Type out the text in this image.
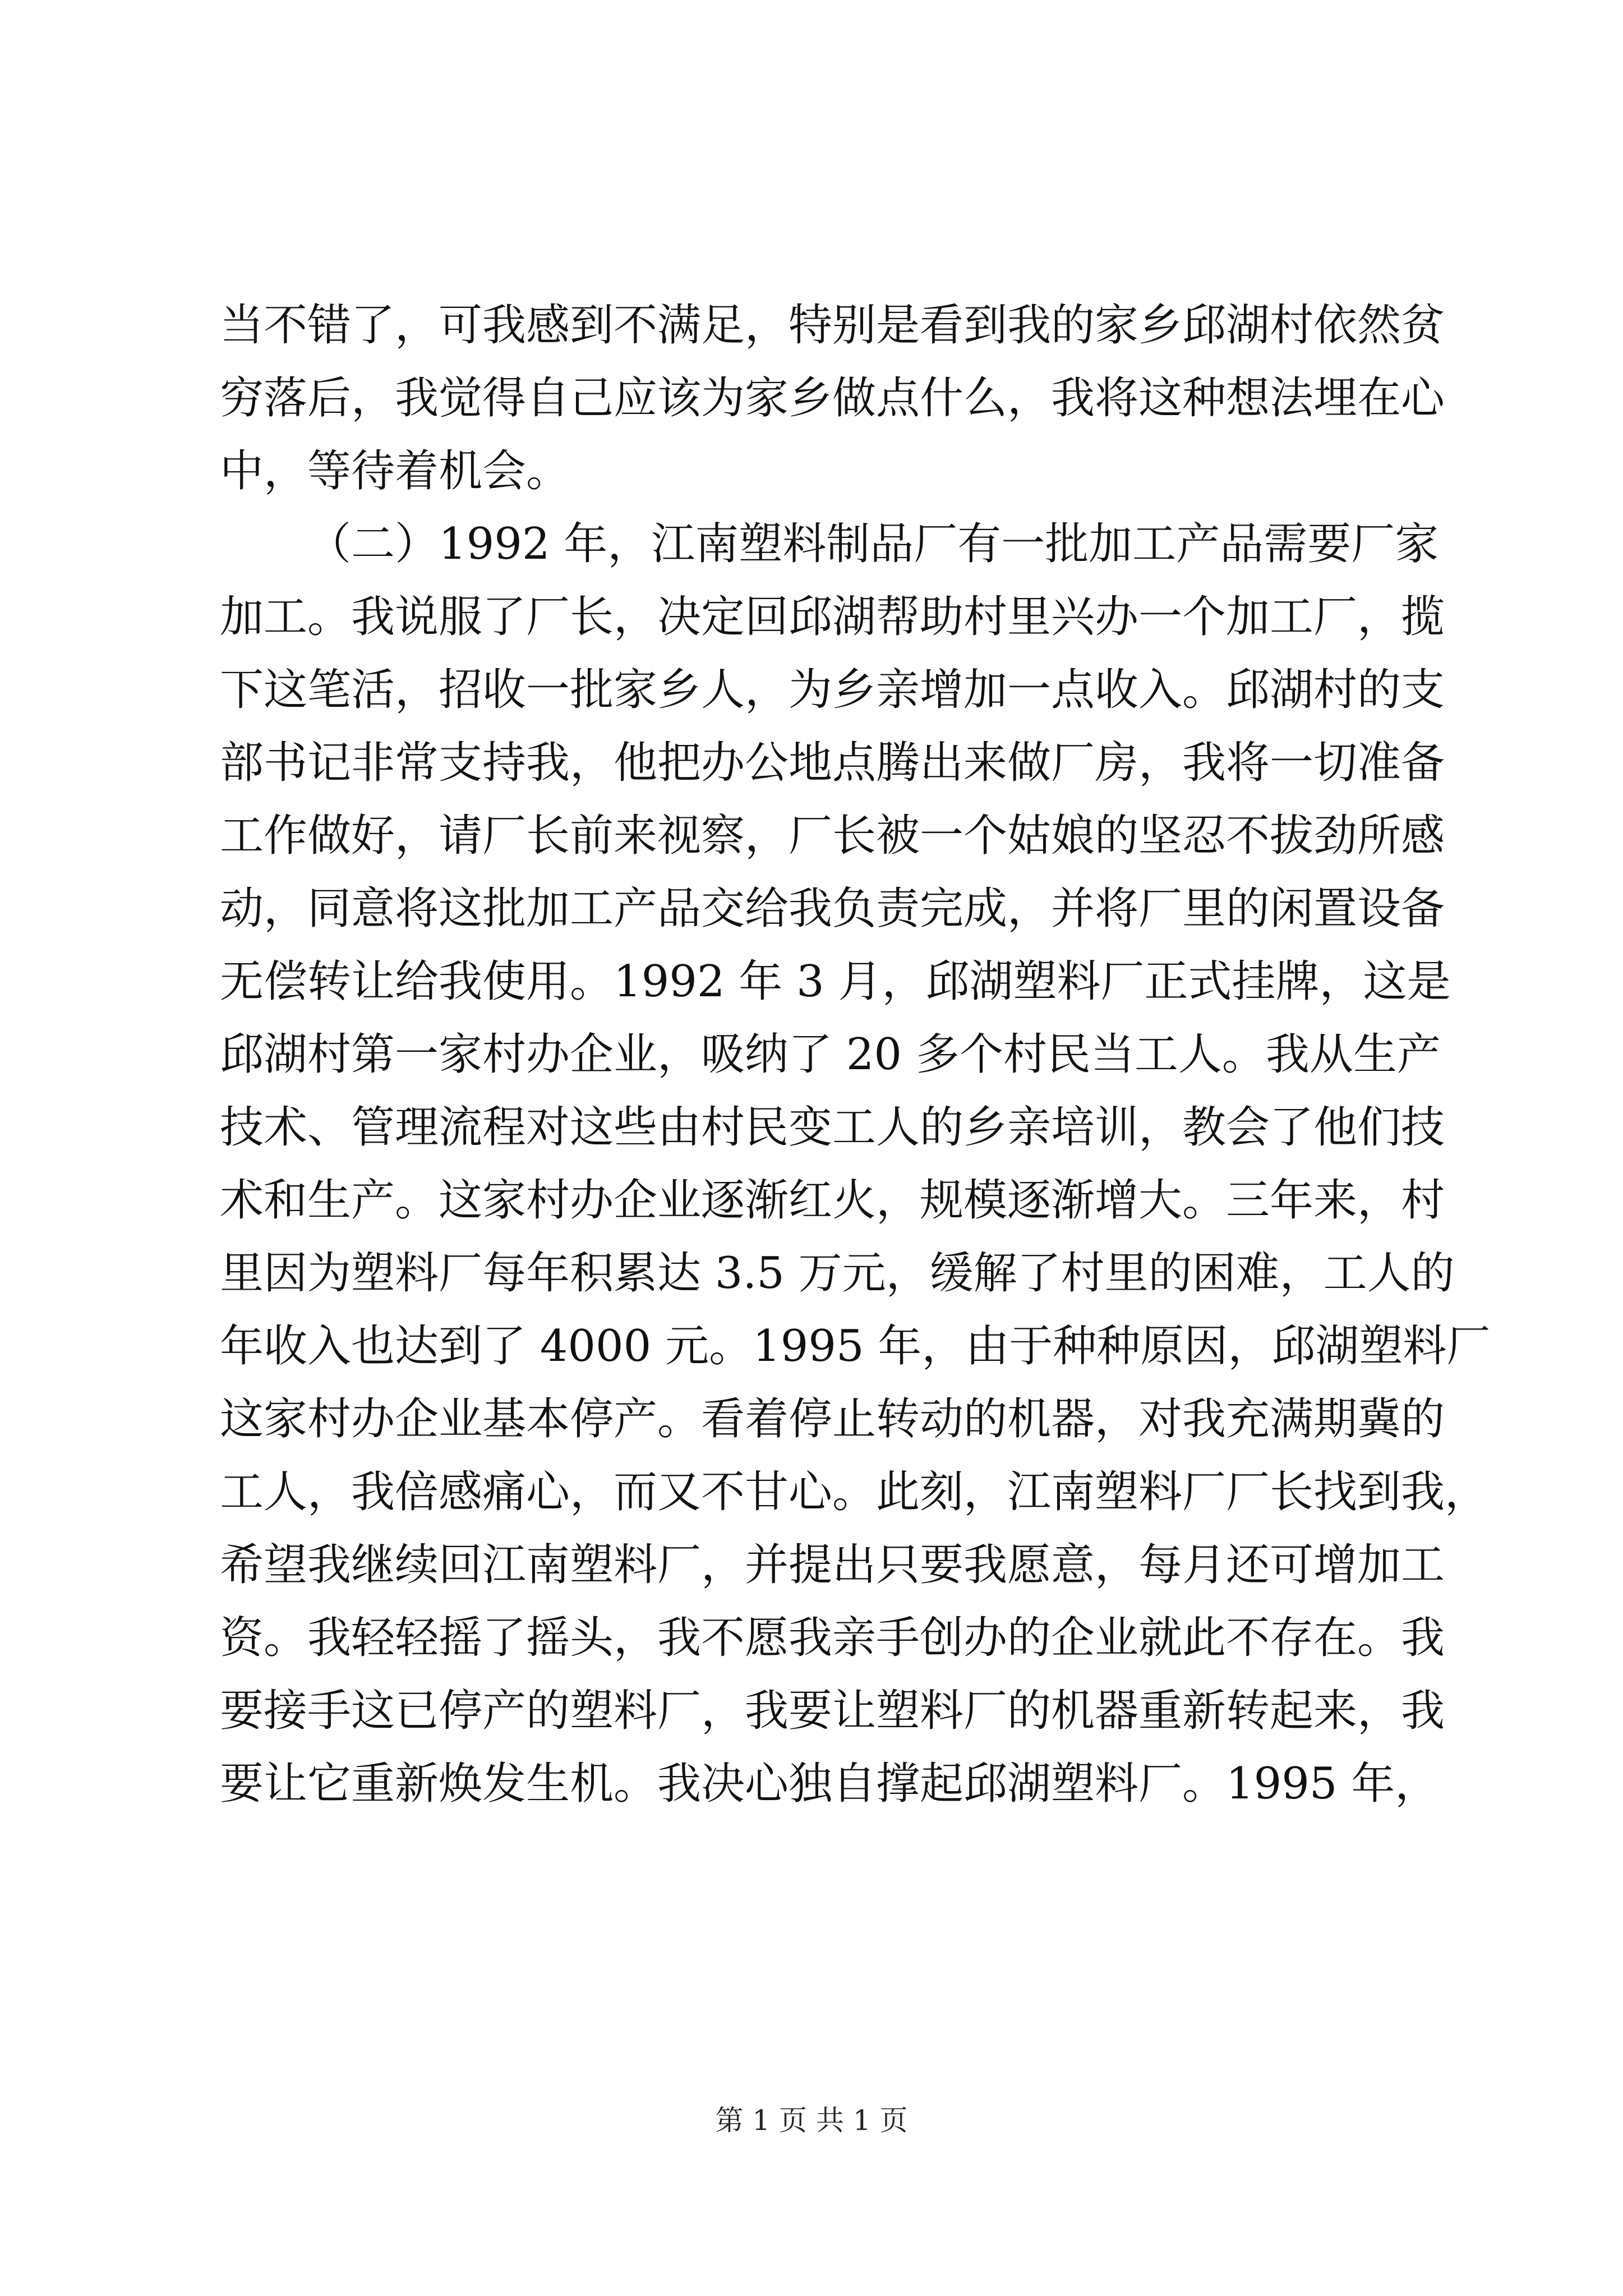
当不错了，可我感到不满足，特别是看到我的家乡邱湖村依然贫
穷落后，我觉得自己应该为家乡做点什么，我将这种想法埋在心
中，等待着机会。
（二）1992 年，江南塑料制品厂有一批加工产品需要厂家
加工。我说服了厂长，决定回邱湖帮助村里兴办一个加工厂，揽
下这笔活，招收一批家乡人，为乡亲增加一点收入。邱湖村的支
部书记非常支持我，他把办公地点腾出来做厂房，我将一切准备
工作做好，请厂长前来视察，厂长被一个姑娘的坚忍不拔劲所感
动，同意将这批加工产品交给我负责完成，并将厂里的闲置设备
无偿转让给我使用。1992 年 3 月，邱湖塑料厂正式挂牌，这是
邱湖村第一家村办企业，吸纳了 20 多个村民当工人。我从生产
技术、管理流程对这些由村民变工人的乡亲培训，教会了他们技
术和生产。这家村办企业逐渐红火，规模逐渐增大。三年来，村
里因为塑料厂每年积累达 3.5 万元，缓解了村里的困难，工人的
年收入也达到了 4000 元。1995 年，由于种种原因，邱湖塑料厂
这家村办企业基本停产。看着停止转动的机器，对我充满期冀的
工人，我倍感痛心，而又不甘心。此刻，江南塑料厂厂长找到我，
希望我继续回江南塑料厂，并提出只要我愿意，每月还可增加工
资。我轻轻摇了摇头，我不愿我亲手创办的企业就此不存在。我
要接手这已停产的塑料厂，我要让塑料厂的机器重新转起来，我
要让它重新焕发生机。我决心独自撑起邱湖塑料厂。1995 年，
第 1 页 共 1 页
